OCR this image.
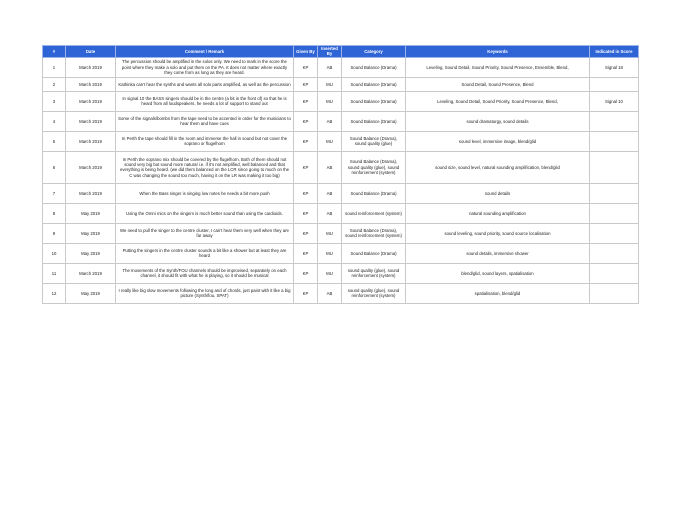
#	Date	Comment / Remark	Given By	Inserted By	Category	Keywords	Indicated in Score
1	March 2019	The percussion should be amplified in the solos only. We need to mark in the score the point where they make a solo and put them on the PA. It does not matter where exactly they come from as long as they are heard.	KP	AB	Sound Balance (Drama)	Leveling, Sound Detail, Sound Priority, Sound Presence, Ensemble, Blend,	Signal 18
2	March 2019	Kathinka can't hear the synths and wants all solo parts amplified, as well as the percussion	KP	MU	Sound Balance (Drama)	Sound Detail, Sound Presence, Blend	
3	March 2019	In signal 10 the BASS singers should be in the centre (a bit in the front of) so that he is heard from all loudspeakers, he needs a lot of support to stand out	KP	MU	Sound Balance (Drama)	Leveling, Sound Detail, Sound Priority, Sound Presence, Blend,	Signal 10
4	March 2019	Some of the signals/bombs from the tape need to be accented in order for the musicians to hear them and have cues	KP	AB	Sound Balance (Drama)	sound dramaturgy, sound details	
5	March 2019	In Perth the tape should fill in the room and immerse the hall in sound but not cover the soprano or flugelhorn	KP	MU	Sound Balance (Drama), sound quality (glue)	sound level, immersive image, blend/glid	
6	March 2019	In Perth the soprano mix should be covered by the flugelhorn. Both of them should not sound very big but sound more natural i.e. if it's not amplified, well balanced and that everything is being heard. (we did them balanced on the LCR since going to much on the C was changing the sound too much, having it on the LR was making it too big)	KP	AB	Sound Balance (Drama), sound quality (glue), sound reinforcement (system)	sound size, sound level, natural sounding amplification, blend/glid	
7	March 2019	When the Bass singer is singing low notes he needs a bit more push	KP	AB	Sound Balance (Drama)	sound details	
8	May 2019	Using the Omni mics on the singers is much better sound than using the cardioids.	KP	AB	sound reinforcement (system)	natural sounding amplification	
9	May 2019	We need to pull the singer to the centre cluster, I can't hear them very well when they are far away	KP	MU	Sound Balance (Drama), sound reinforcement (system)	sound leveling, sound priority, sound source localisation	
10	May 2019	Putting the singers in the centre cluster sounds a bit like a shower but at least they are heard	KP	MU	Sound Balance (Drama)	sound details, immersive shower	
11	March 2019	The movements of the Synth/FOU channels should be improvised, separately on each channel, it should fit with what he is playing, so it should be musical	KP	MU	sound quality (glue), sound reinforcement (system)	blend/glid, sound layers, spatialisation	
12	May 2019	I really like big slow movements following the long and of chords, just paint with it like a big picture (Synth/fou, SPAT)	KP	AB	sound quality (glue), sound reinforcement (system)	spatialisation, blend/glid	
